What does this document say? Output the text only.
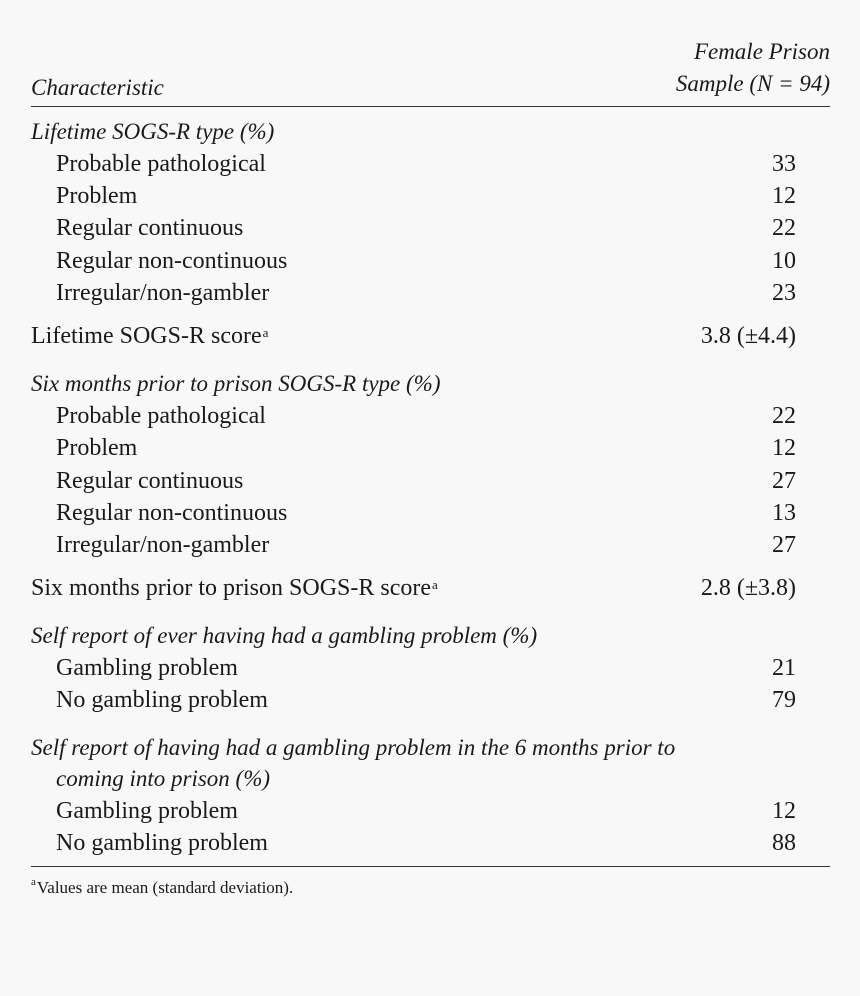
Characteristic
Female Prison
Sample (N = 94)
Lifetime SOGS-R type (%)
Probable pathological	33
Problem	12
Regular continuous	22
Regular non-continuous	10
Irregular/non-gambler	23
Lifetime SOGS-R score$^a$	3.8 (±4.4)
Six months prior to prison SOGS-R type (%)
Probable pathological	22
Problem	12
Regular continuous	27
Regular non-continuous	13
Irregular/non-gambler	27
Six months prior to prison SOGS-R score$^a$	2.8 (±3.8)
Self report of ever having had a gambling problem (%)
Gambling problem	21
No gambling problem	79
Self report of having had a gambling problem in the 6 months prior to
coming into prison (%)
Gambling problem	12
No gambling problem	88
$^a$Values are mean (standard deviation).
